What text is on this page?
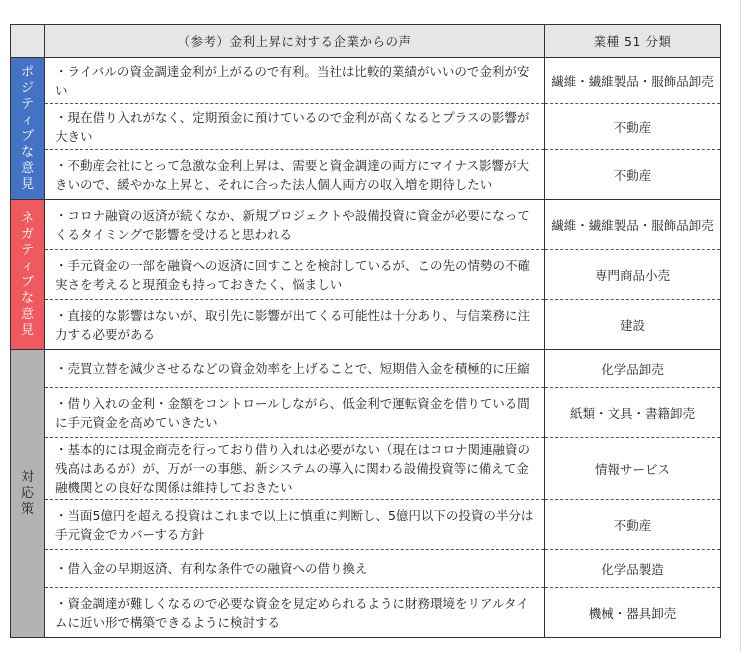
	（参考）金利上昇に対する企業からの声	業種 51 分類
ポジティブな意見	・ライバルの資金調達金利が上がるので有利。当社は比較的業績がいいので金利が安い	繊維・繊維製品・服飾品卸売
	・現在借り入れがなく、定期預金に預けているので金利が高くなるとプラスの影響が大きい	不動産
	・不動産会社にとって急激な金利上昇は、需要と資金調達の両方にマイナス影響が大きいので、緩やかな上昇と、それに合った法人個人両方の収入増を期待したい	不動産
ネガティブな意見	・コロナ融資の返済が続くなか、新規プロジェクトや設備投資に資金が必要になってくるタイミングで影響を受けると思われる	繊維・繊維製品・服飾品卸売
	・手元資金の一部を融資への返済に回すことを検討しているが、この先の情勢の不確実さを考えると現預金も持っておきたく、悩ましい	専門商品小売
	・直接的な影響はないが、取引先に影響が出てくる可能性は十分あり、与信業務に注力する必要がある	建設
対応策	・売買立替を減少させるなどの資金効率を上げることで、短期借入金を積極的に圧縮	化学品卸売
	・借り入れの金利・金額をコントロールしながら、低金利で運転資金を借りている間に手元資金を高めていきたい	紙類・文具・書籍卸売
	・基本的には現金商売を行っており借り入れは必要がない（現在はコロナ関連融資の残高はあるが）が、万が一の事態、新システムの導入に関わる設備投資等に備えて金融機関との良好な関係は維持しておきたい	情報サービス
	・当面5億円を超える投資はこれまで以上に慎重に判断し、5億円以下の投資の半分は手元資金でカバーする方針	不動産
	・借入金の早期返済、有利な条件での融資への借り換え	化学品製造
	・資金調達が難しくなるので必要な資金を見定められるように財務環境をリアルタイムに近い形で構築できるように検討する	機械・器具卸売
